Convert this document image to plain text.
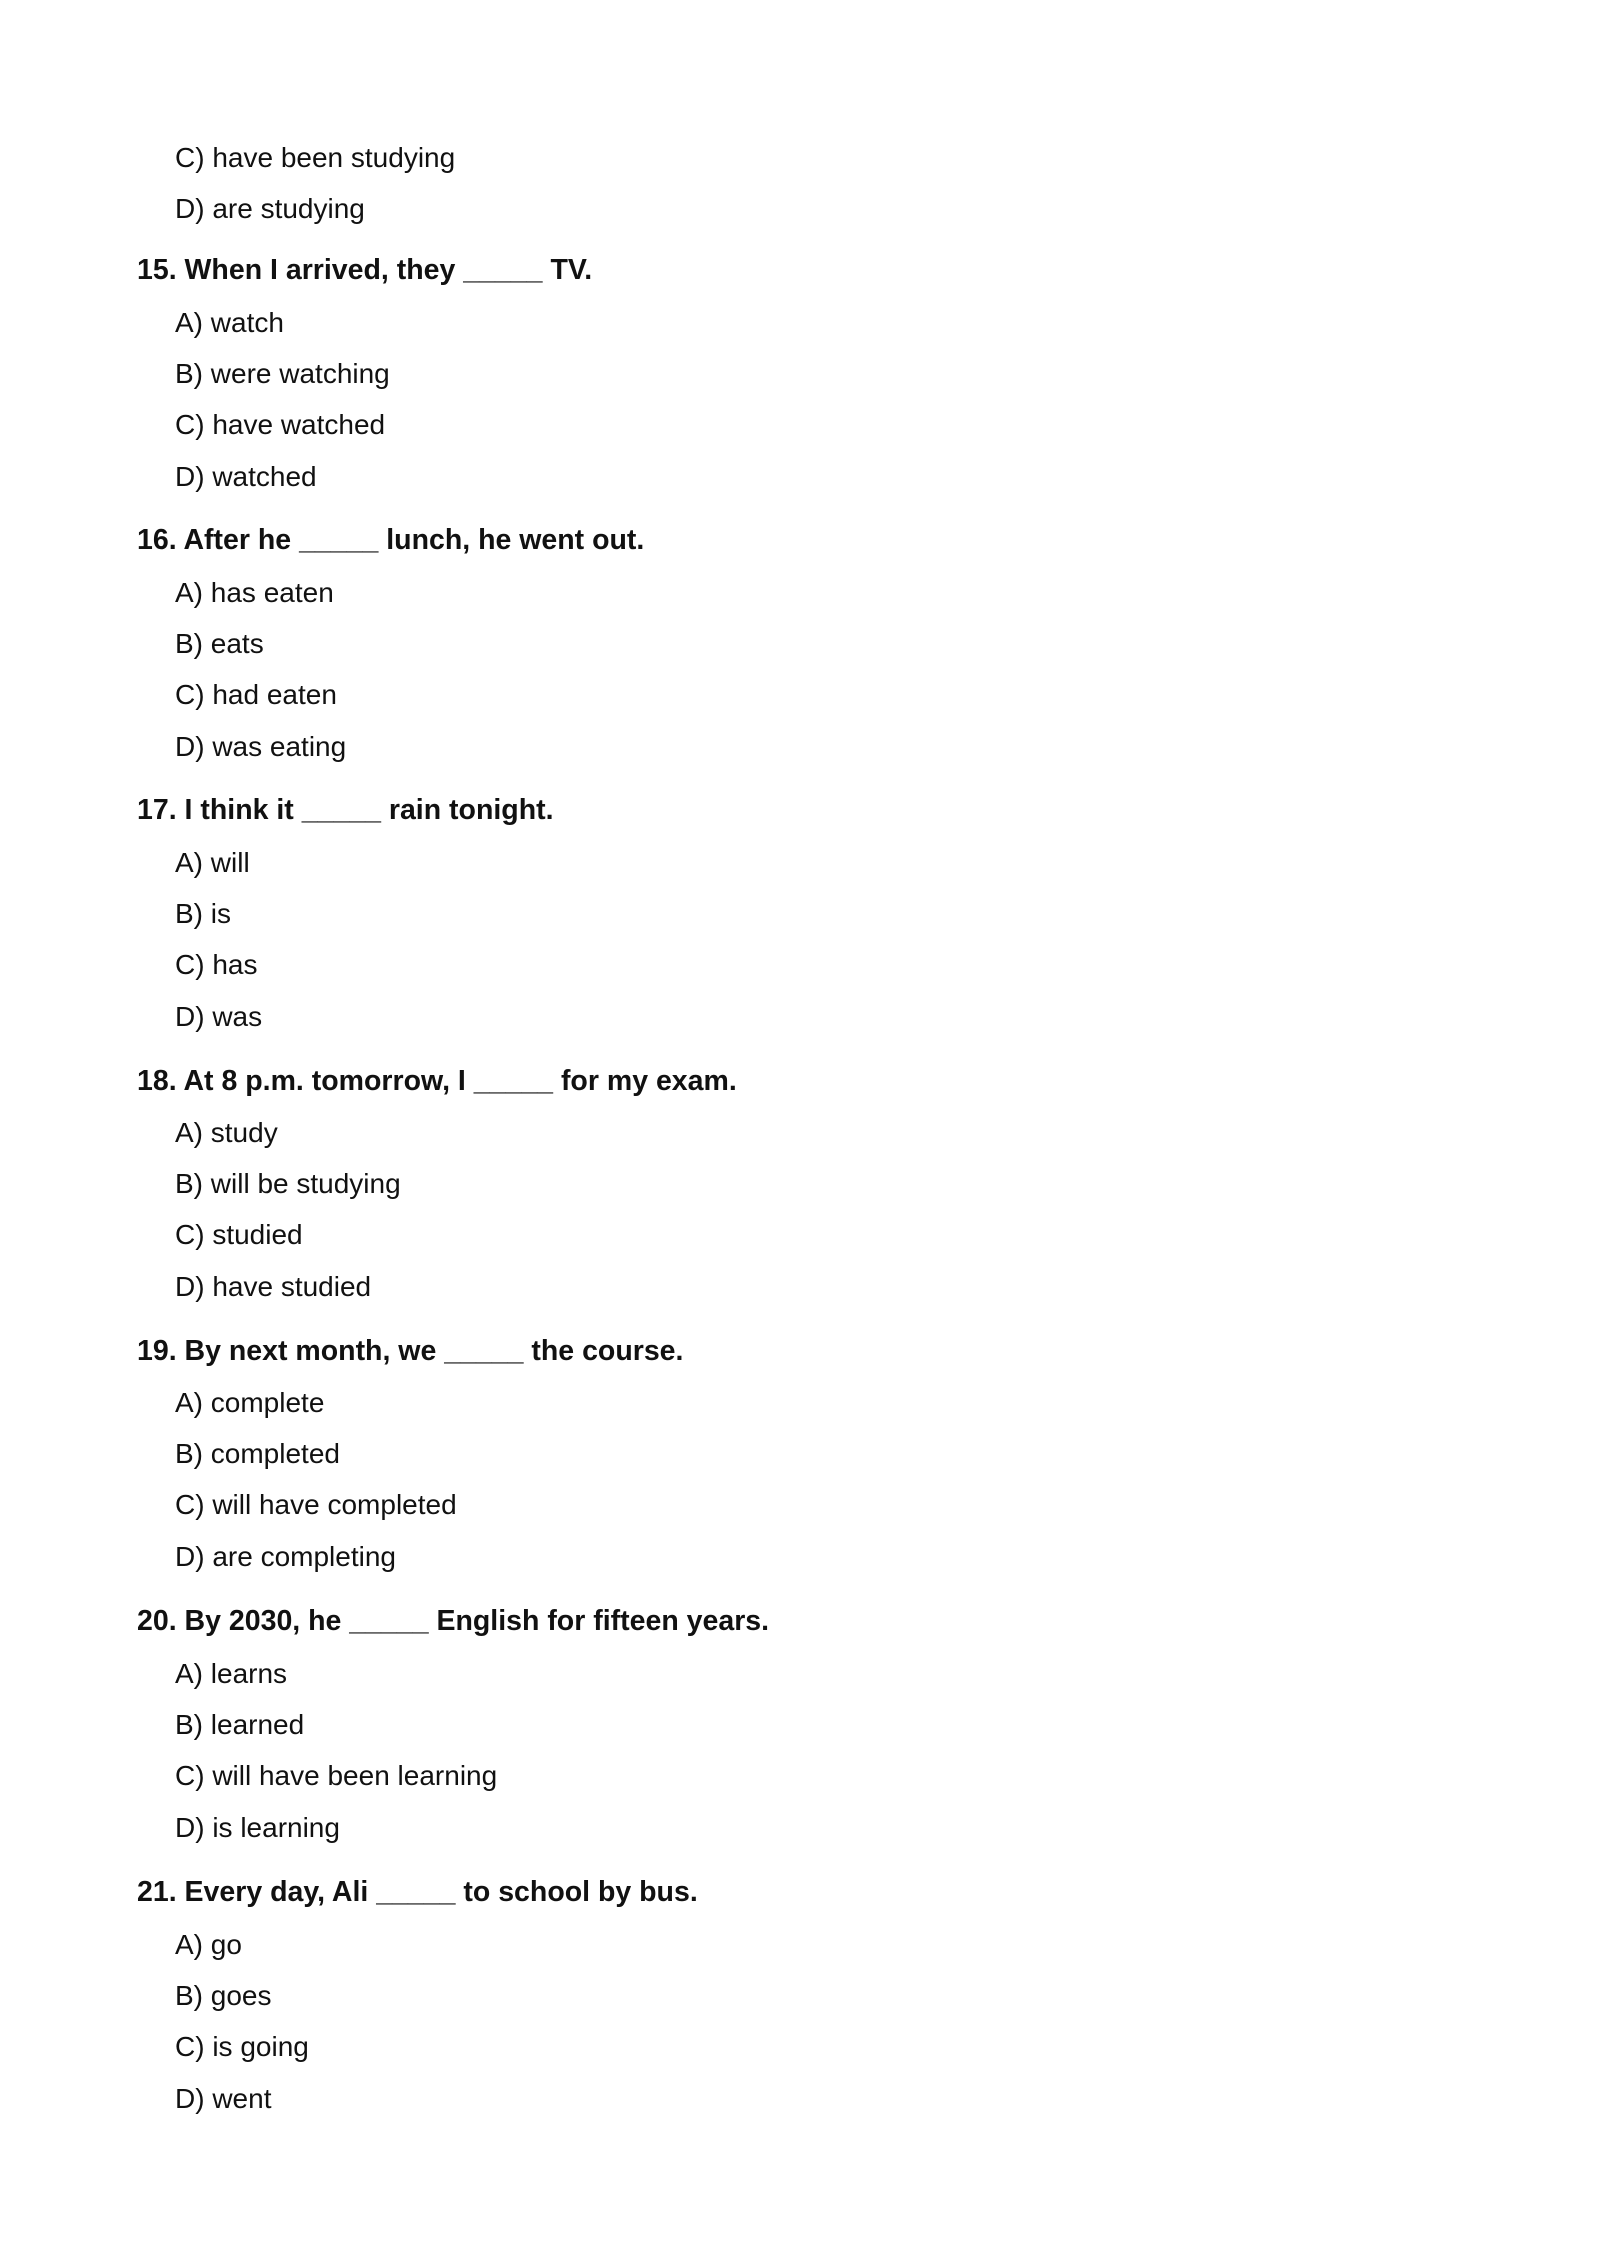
C) have been studying

D) are studying

15. When I arrived, they _____ TV.

A) watch

B) were watching

C) have watched

D) watched

16. After he _____ lunch, he went out.

A) has eaten

B) eats

C) had eaten

D) was eating

17. I think it _____ rain tonight.

A) will

B) is

C) has

D) was

18. At 8 p.m. tomorrow, I _____ for my exam.

A) study

B) will be studying

C) studied

D) have studied

19. By next month, we _____ the course.

A) complete

B) completed

C) will have completed

D) are completing

20. By 2030, he _____ English for fifteen years.

A) learns

B) learned

C) will have been learning

D) is learning

21. Every day, Ali _____ to school by bus.

A) go

B) goes

C) is going

D) went
